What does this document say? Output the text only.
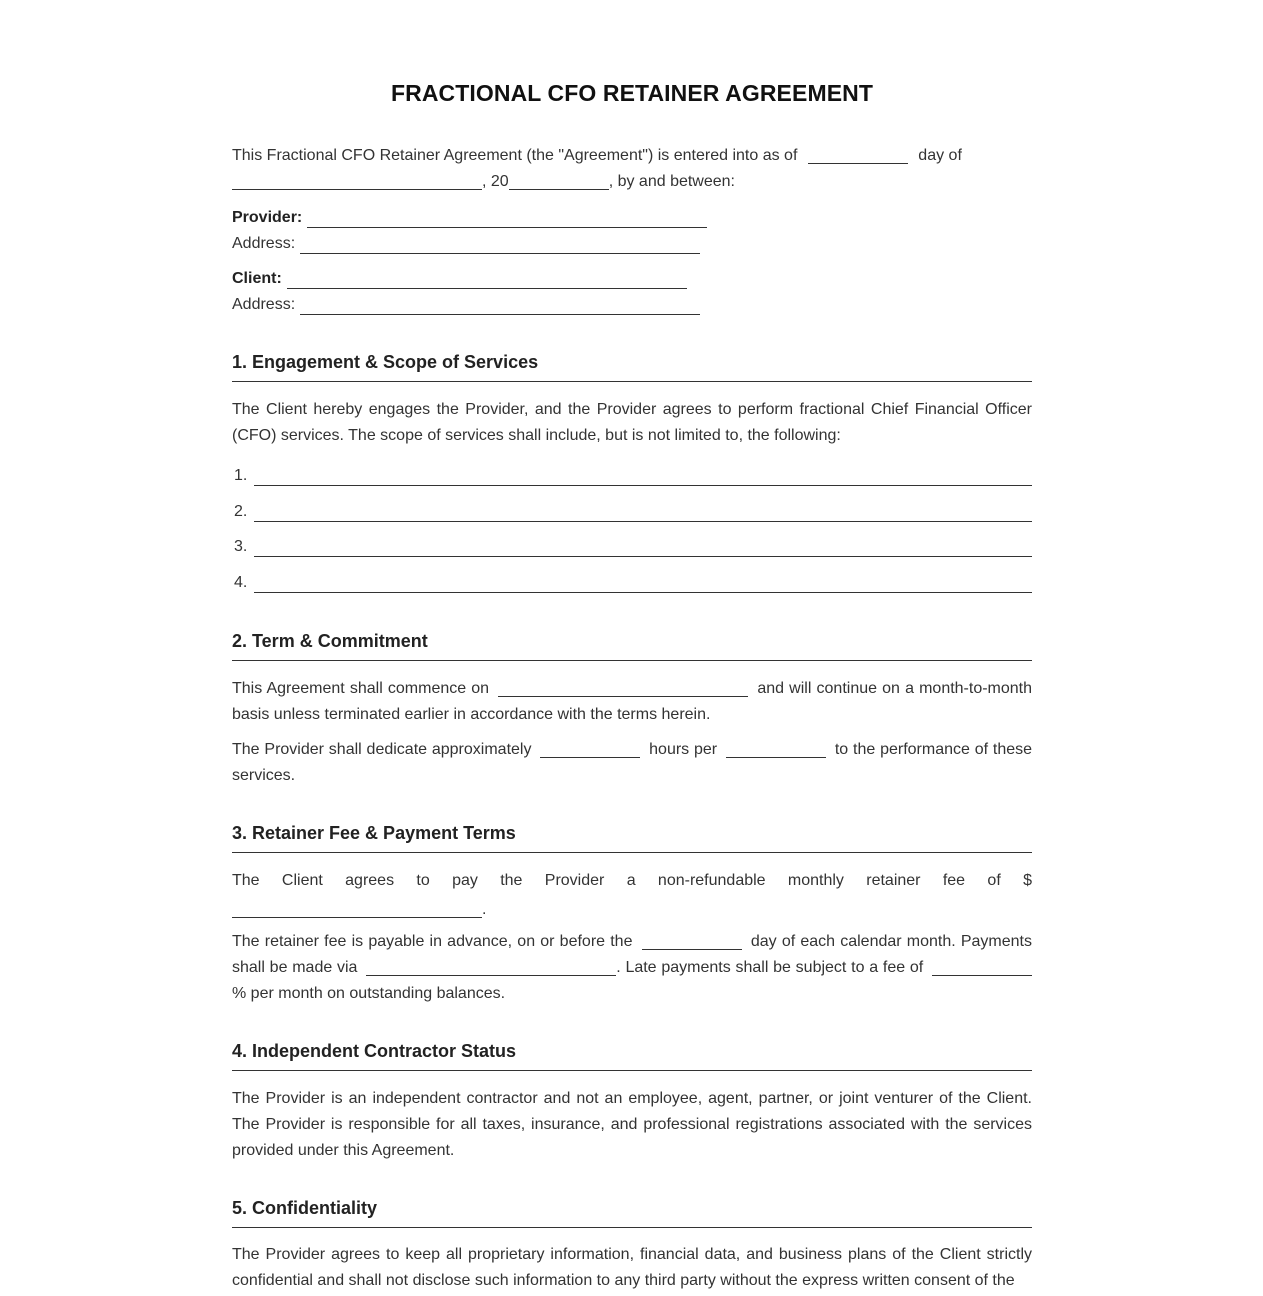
FRACTIONAL CFO RETAINER AGREEMENT

This Fractional CFO Retainer Agreement (the "Agreement") is entered into as of	day of
, 20	, by and between:

Provider:
Address:
Client:
Address:
1. Engagement & Scope of Services

The Client hereby engages the Provider, and the Provider agrees to perform fractional Chief Financial Officer (CFO) services. The scope of services shall include, but is not limited to, the following:

1.
2.
3.
4.
2. Term & Commitment

This Agreement shall commence on	and will continue on a month-to-month basis unless terminated earlier in accordance with the terms herein.

The Provider shall dedicate approximately	hours per	to the performance of these services.

3. Retainer Fee & Payment Terms

The Client agrees to pay the Provider a non-refundable monthly retainer fee of $

.

The retainer fee is payable in advance, on or before the	day of each calendar month. Payments shall be made via	. Late payments shall be subject to a fee of  % per month on outstanding balances.

4. Independent Contractor Status

The Provider is an independent contractor and not an employee, agent, partner, or joint venturer of the Client. The Provider is responsible for all taxes, insurance, and professional registrations associated with the services provided under this Agreement.

5. Confidentiality

The Provider agrees to keep all proprietary information, financial data, and business plans of the Client strictly confidential and shall not disclose such information to any third party without the express written consent of the
